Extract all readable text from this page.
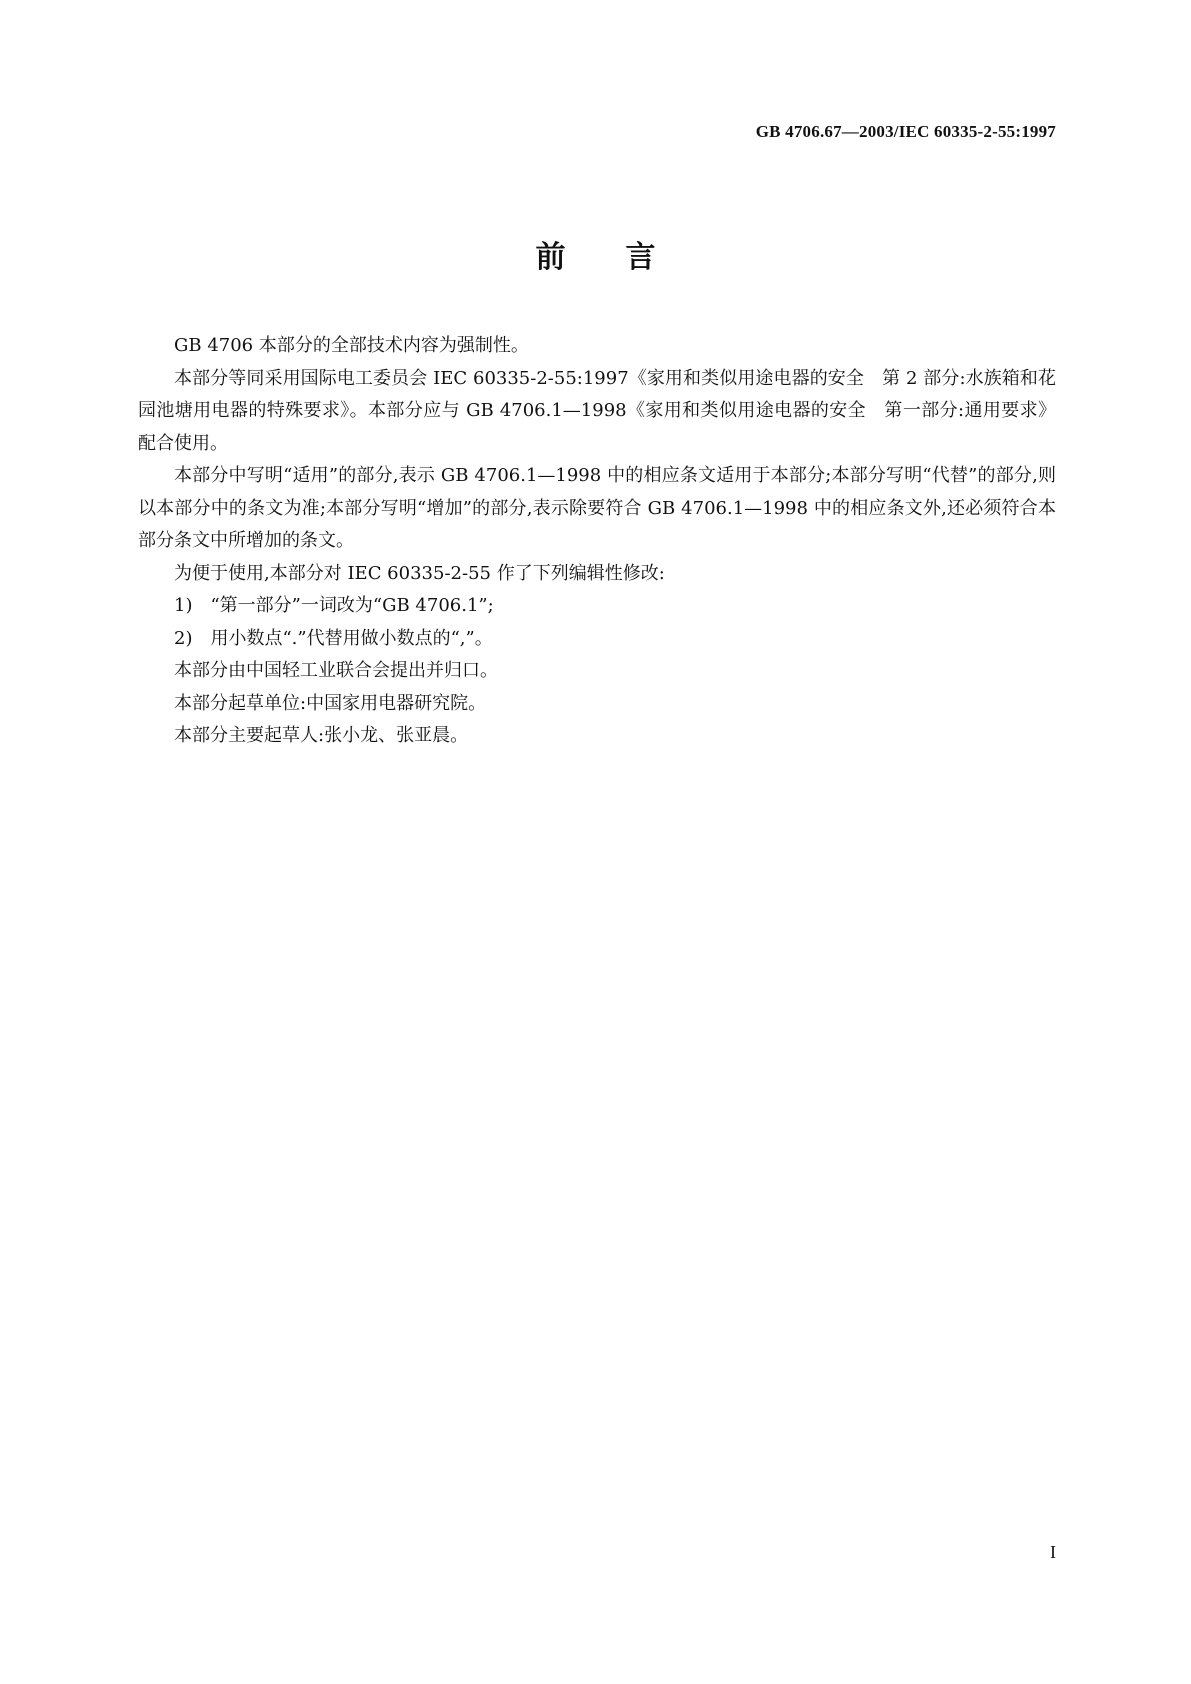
GB 4706.67—2003/IEC 60335-2-55:1997
前言

GB 4706 本部分的全部技术内容为强制性。

本部分等同采用国际电工委员会 IEC 60335-2-55:1997《家用和类似用途电器的安全　第 2 部分:水族箱和花园池塘用电器的特殊要求》。本部分应与 GB 4706.1—1998《家用和类似用途电器的安全　第一部分:通用要求》配合使用。

本部分中写明“适用”的部分,表示 GB 4706.1—1998 中的相应条文适用于本部分;本部分写明“代替”的部分,则以本部分中的条文为准;本部分写明“增加”的部分,表示除要符合 GB 4706.1—1998 中的相应条文外,还必须符合本部分条文中所增加的条文。

为便于使用,本部分对 IEC 60335-2-55 作了下列编辑性修改:

1)　“第一部分”一词改为“GB 4706.1”;

2)　用小数点“.”代替用做小数点的“,”。

本部分由中国轻工业联合会提出并归口。

本部分起草单位:中国家用电器研究院。

本部分主要起草人:张小龙、张亚晨。

I
